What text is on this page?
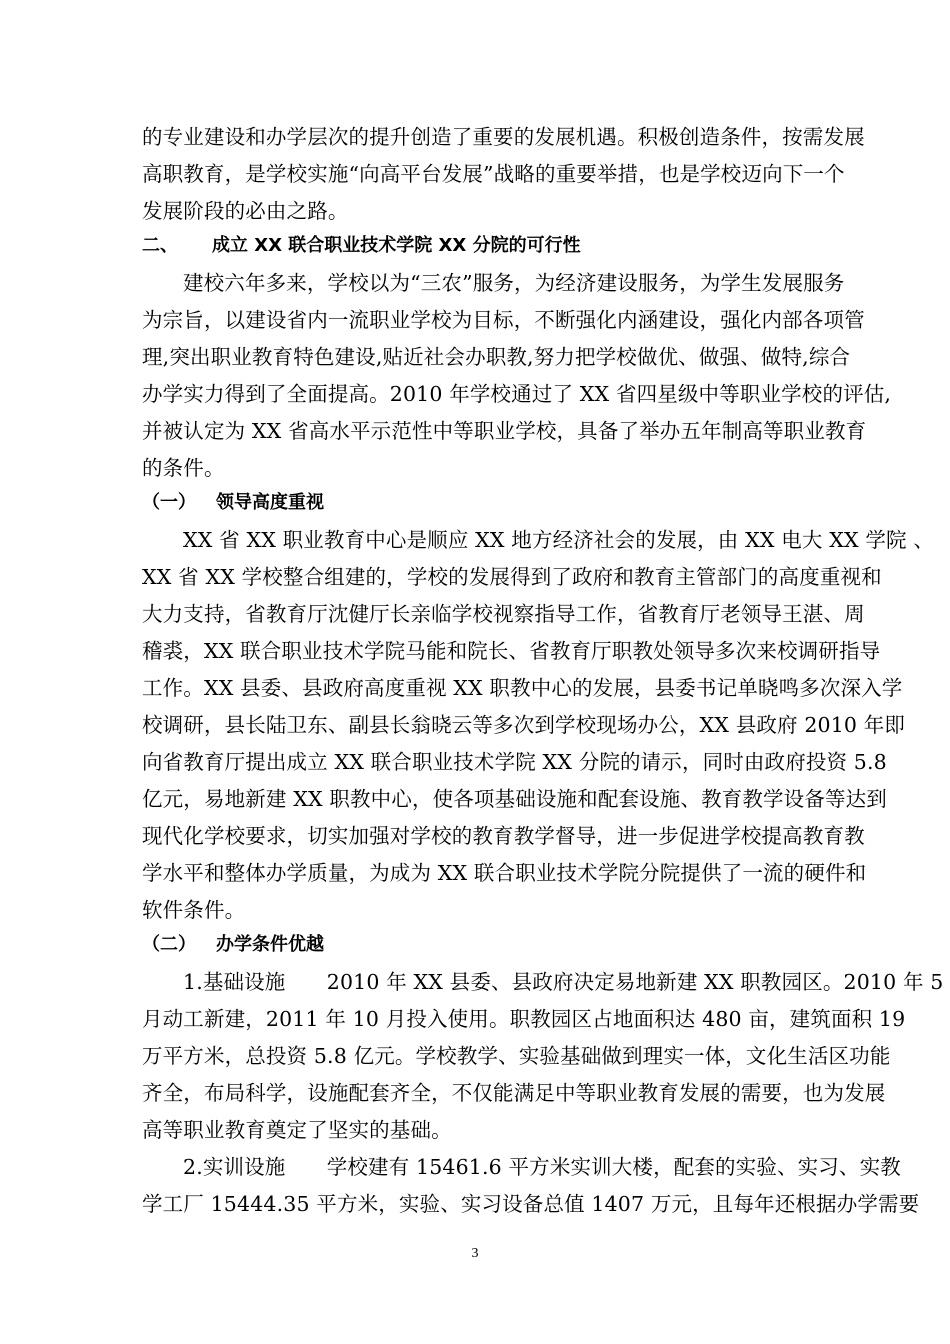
的专业建设和办学层次的提升创造了重要的发展机遇。积极创造条件，按需发展
高职教育，是学校实施“向高平台发展”战略的重要举措，也是学校迈向下一个
发展阶段的必由之路。
二、 成立 XX 联合职业技术学院 XX 分院的可行性
建校六年多来，学校以为“三农”服务，为经济建设服务，为学生发展服务
为宗旨，以建设省内一流职业学校为目标，不断强化内涵建设，强化内部各项管
理,突出职业教育特色建设,贴近社会办职教,努力把学校做优、做强、做特,综合
办学实力得到了全面提高。2010 年学校通过了 XX 省四星级中等职业学校的评估,
并被认定为 XX 省高水平示范性中等职业学校，具备了举办五年制高等职业教育
的条件。
（一） 领导高度重视
XX 省 XX 职业教育中心是顺应 XX 地方经济社会的发展，由 XX 电大 XX 学院 、
XX 省 XX 学校整合组建的，学校的发展得到了政府和教育主管部门的高度重视和
大力支持，省教育厅沈健厅长亲临学校视察指导工作，省教育厅老领导王湛、周
稽裘，XX 联合职业技术学院马能和院长、省教育厅职教处领导多次来校调研指导
工作。XX 县委、县政府高度重视 XX 职教中心的发展，县委书记单晓鸣多次深入学
校调研，县长陆卫东、副县长翁晓云等多次到学校现场办公，XX 县政府 2010 年即
向省教育厅提出成立 XX 联合职业技术学院 XX 分院的请示，同时由政府投资 5.8
亿元，易地新建 XX 职教中心，使各项基础设施和配套设施、教育教学设备等达到
现代化学校要求，切实加强对学校的教育教学督导，进一步促进学校提高教育教
学水平和整体办学质量，为成为 XX 联合职业技术学院分院提供了一流的硬件和
软件条件。
（二） 办学条件优越
1.基础设施　　2010 年 XX 县委、县政府决定易地新建 XX 职教园区。2010 年 5
月动工新建，2011 年 10 月投入使用。职教园区占地面积达 480 亩，建筑面积 19
万平方米，总投资 5.8 亿元。学校教学、实验基础做到理实一体，文化生活区功能
齐全，布局科学，设施配套齐全，不仅能满足中等职业教育发展的需要，也为发展
高等职业教育奠定了坚实的基础。
2.实训设施　　学校建有 15461.6 平方米实训大楼，配套的实验、实习、实教
学工厂 15444.35 平方米，实验、实习设备总值 1407 万元，且每年还根据办学需要
3
